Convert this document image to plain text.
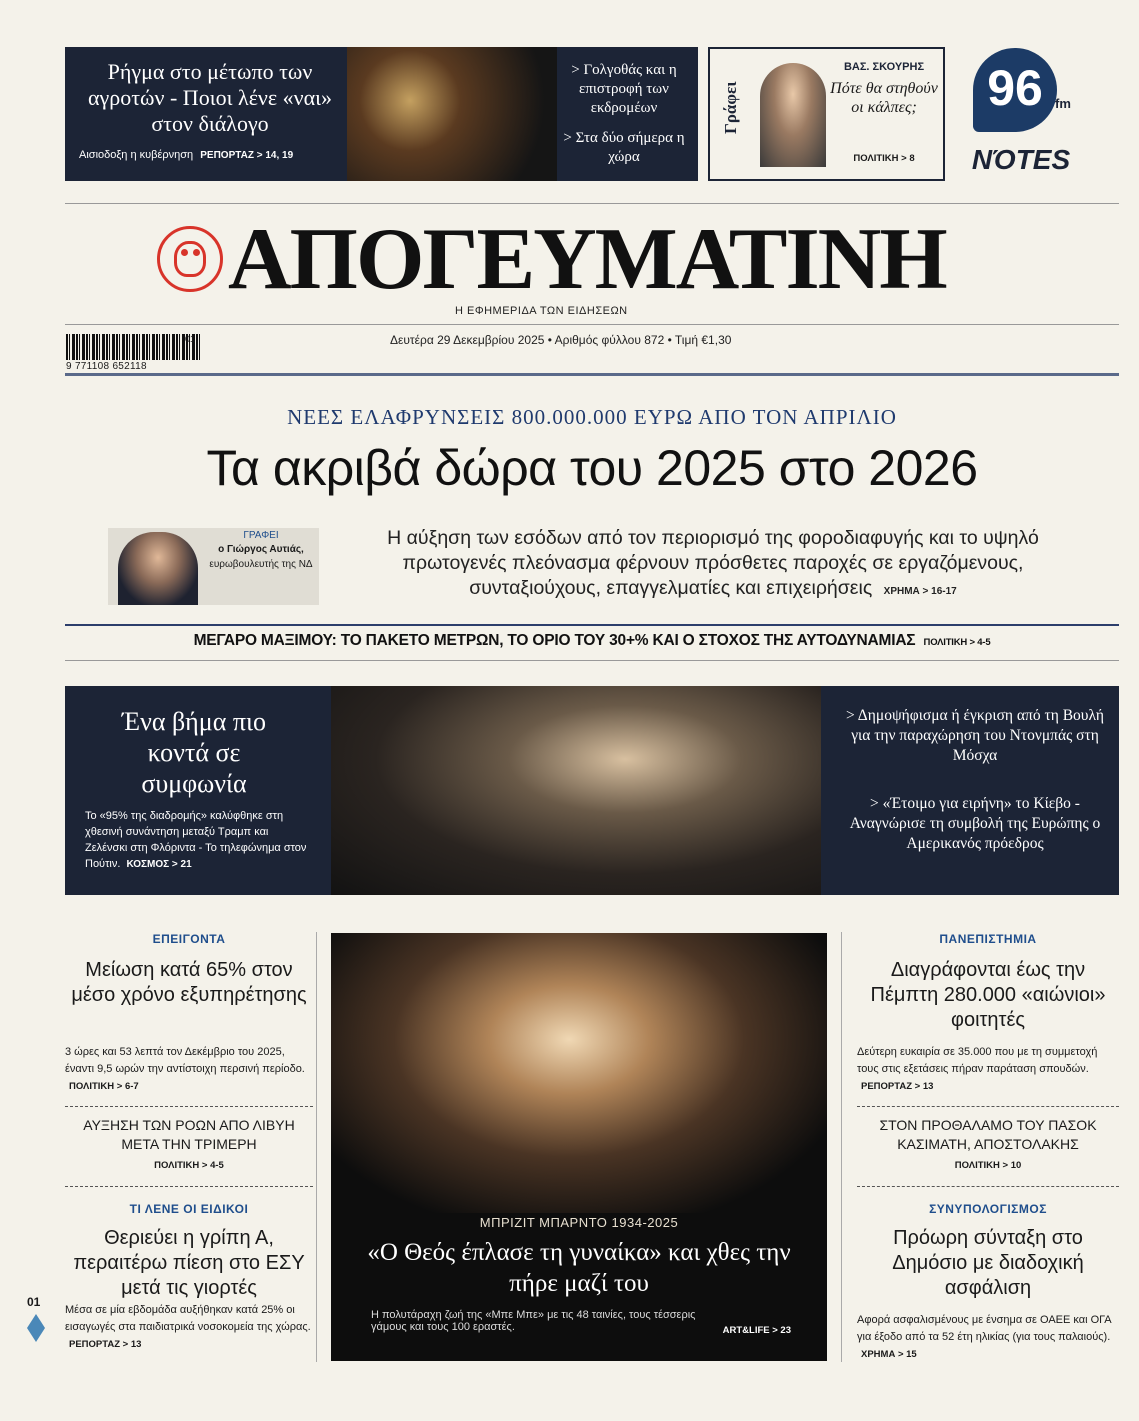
Ρήγμα στο μέτωπο των αγροτών - Ποιοι λένε «ναι» στον διάλογο
Αισιοδοξη η κυβέρνηση ΡΕΠΟΡΤΑΖ > 14, 19
> Γολγοθάς και η επιστροφή των εκδρομέων
> Στα δύο σήμερα η χώρα
Γράφει
ΒΑΣ. ΣΚΟΥΡΗΣ
Πότε θα στηθούν οι κάλπες;
ΠΟΛΙΤΙΚΗ > 8
96 fm
ΝΌΤΕS
ΑΠΟΓΕΥΜΑΤΙΝΗ
Η ΕΦΗΜΕΡΙΔΑ ΤΩΝ ΕΙΔΗΣΕΩΝ
9 771108 652118
01	Δευτέρα 29 Δεκεμβρίου 2025 • Αριθμός φύλλου 872 • Τιμή €1,30
ΝΕΕΣ ΕΛΑΦΡΥΝΣΕΙΣ 800.000.000 ΕΥΡΩ ΑΠΟ ΤΟΝ ΑΠΡΙΛΙΟ
Τα ακριβά δώρα του 2025 στο 2026
ΓΡΑΦΕΙ
ο Γιώργος Αυτιάς,
ευρωβουλευτής της ΝΔ
Η αύξηση των εσόδων από τον περιορισμό της φοροδιαφυγής και το υψηλό πρωτογενές πλεόνασμα φέρνουν πρόσθετες παροχές σε εργαζόμενους, συνταξιούχους, επαγγελματίες και επιχειρήσεις ΧΡΗΜΑ > 16-17
ΜΕΓΑΡΟ ΜΑΞΙΜΟΥ: ΤΟ ΠΑΚΕΤΟ ΜΕΤΡΩΝ, ΤΟ ΟΡΙΟ ΤΟΥ 30+% ΚΑΙ Ο ΣΤΟΧΟΣ ΤΗΣ ΑΥΤΟΔΥΝΑΜΙΑΣ ΠΟΛΙΤΙΚΗ > 4-5
Ένα βήμα πιο κοντά σε συμφωνία
Το «95% της διαδρομής» καλύφθηκε στη χθεσινή συνάντηση μεταξύ Τραμπ και Ζελένσκι στη Φλόριντα - Το τηλεφώνημα στον Πούτιν. ΚΟΣΜΟΣ > 21
> Δημοψήφισμα ή έγκριση από τη Βουλή για την παραχώρηση του Ντονμπάς στη Μόσχα
> «Έτοιμο για ειρήνη» το Κίεβο - Αναγνώρισε τη συμβολή της Ευρώπης ο Αμερικανός πρόεδρος
ΕΠΕΙΓΟΝΤΑ
Μείωση κατά 65% στον μέσο χρόνο εξυπηρέτησης
3 ώρες και 53 λεπτά τον Δεκέμβριο του 2025, έναντι 9,5 ωρών την αντίστοιχη περσινή περίοδο. ΠΟΛΙΤΙΚΗ > 6-7
ΑΥΞΗΣΗ ΤΩΝ ΡΟΩΝ ΑΠΟ ΛΙΒΥΗ ΜΕΤΑ ΤΗΝ ΤΡΙΜΕΡΗ
ΠΟΛΙΤΙΚΗ > 4-5
ΤΙ ΛΕΝΕ ΟΙ ΕΙΔΙΚΟΙ
Θεριεύει η γρίπη Α, περαιτέρω πίεση στο ΕΣΥ μετά τις γιορτές
Μέσα σε μία εβδομάδα αυξήθηκαν κατά 25% οι εισαγωγές στα παιδιατρικά νοσοκομεία της χώρας. ΡΕΠΟΡΤΑΖ > 13
01
ΜΠΡΙΖΙΤ ΜΠΑΡΝΤΟ 1934-2025
«Ο Θεός έπλασε τη γυναίκα» και χθες την πήρε μαζί του
Η πολυτάραχη ζωή της «Μπε Μπε» με τις 48 ταινίες, τους τέσσερις γάμους και τους 100 εραστές.	ART&LIFE > 23
ΠΑΝΕΠΙΣΤΗΜΙΑ
Διαγράφονται έως την Πέμπτη 280.000 «αιώνιοι» φοιτητές
Δεύτερη ευκαιρία σε 35.000 που με τη συμμετοχή τους στις εξετάσεις πήραν παράταση σπουδών. ΡΕΠΟΡΤΑΖ > 13
ΣΤΟΝ ΠΡΟΘΑΛΑΜΟ ΤΟΥ ΠΑΣΟΚ ΚΑΣΙΜΑΤΗ, ΑΠΟΣΤΟΛΑΚΗΣ
ΠΟΛΙΤΙΚΗ > 10
ΣΥΝΥΠΟΛΟΓΙΣΜΟΣ
Πρόωρη σύνταξη στο Δημόσιο με διαδοχική ασφάλιση
Αφορά ασφαλισμένους με ένσημα σε ΟΑΕΕ και ΟΓΑ για έξοδο από τα 52 έτη ηλικίας (για τους παλαιούς). ΧΡΗΜΑ > 15
